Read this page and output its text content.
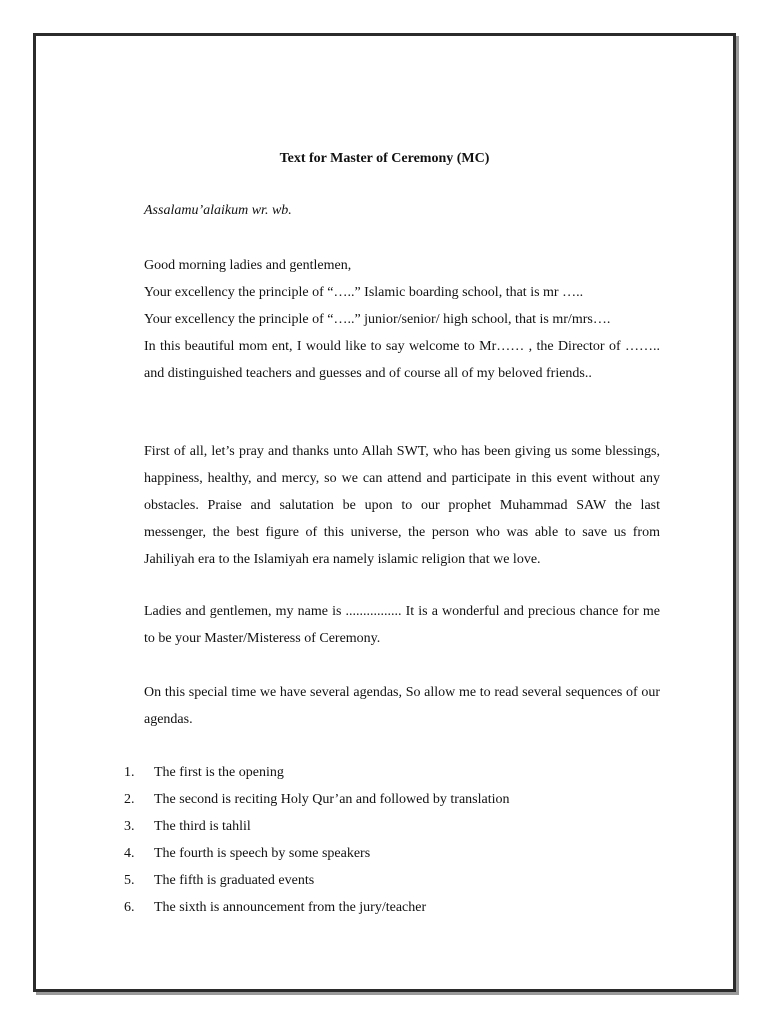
Text for Master of Ceremony (MC)
Assalamu’alaikum wr. wb.

Good morning ladies and gentlemen,

Your excellency the principle of “…..” Islamic boarding school, that is mr …..

Your excellency the principle of “…..” junior/senior/ high school, that is mr/mrs….

In this beautiful mom ent, I would like to say welcome to Mr…… , the Director of …….. and distinguished teachers and guesses and of course all of my beloved friends..

First of all, let’s pray and thanks unto Allah SWT, who has been giving us some blessings, happiness, healthy, and mercy, so we can attend and participate in this event without any obstacles. Praise and salutation be upon to our prophet Muhammad SAW the last messenger, the best figure of this universe, the person who was able to save us from Jahiliyah era to the Islamiyah era namely islamic religion that we love.
Ladies and gentlemen, my name is ................ It is a wonderful and precious chance for me to be your Master/Misteress of Ceremony.
On this special time we have several agendas, So allow me to read several sequences of our agendas.
1. The first is the opening
2. The second is reciting Holy Qur’an and followed by translation
3. The third is tahlil
4. The fourth is speech by some speakers
5. The fifth is graduated events
6. The sixth is announcement from the jury/teacher
